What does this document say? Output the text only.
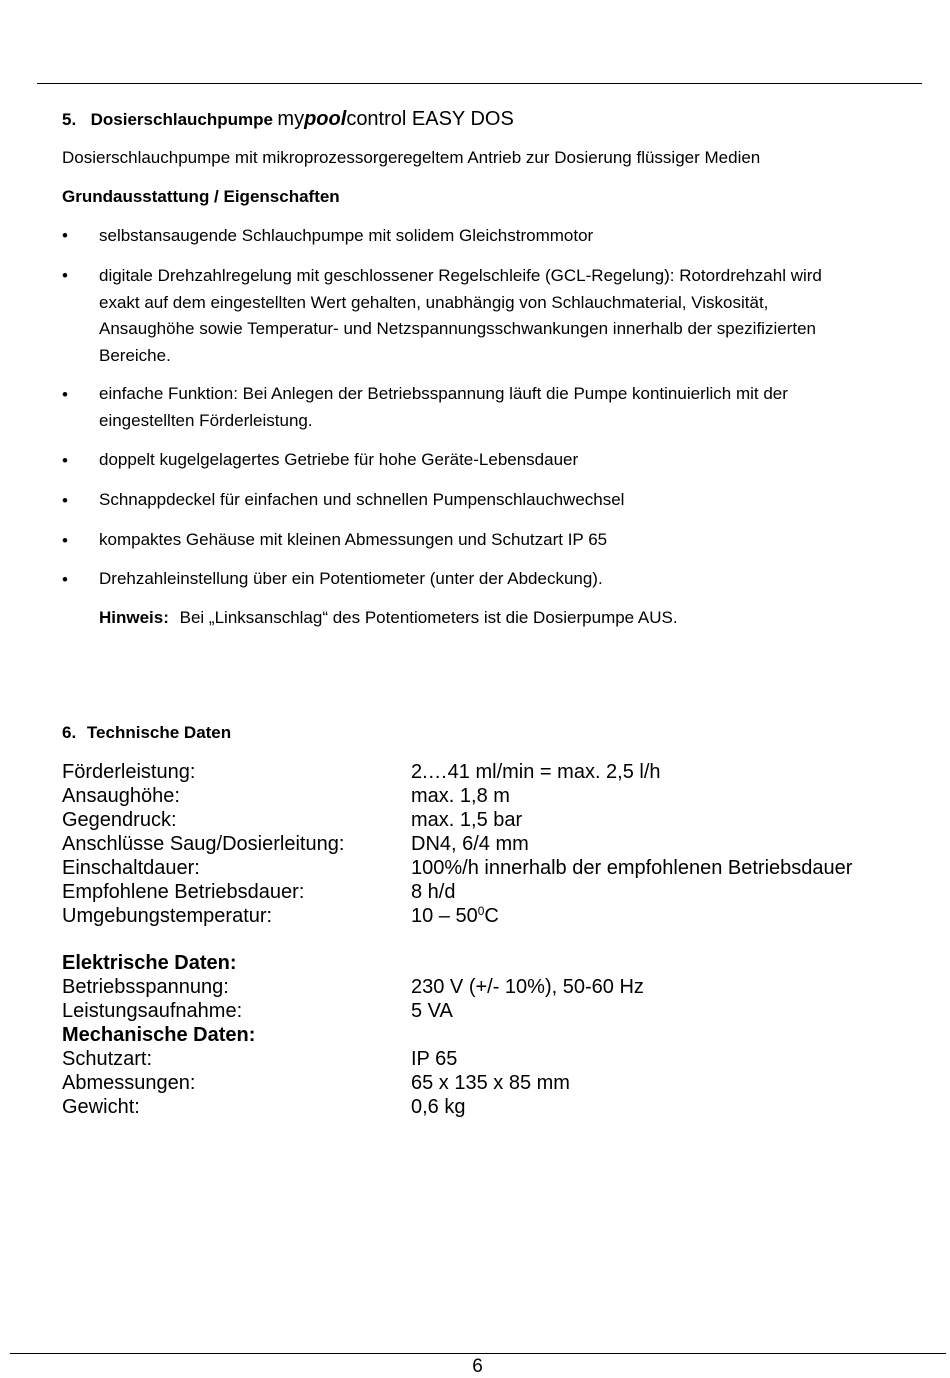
5. Dosierschlauchpumpe mypoolcontrol EASY DOS
Dosierschlauchpumpe mit mikroprozessorgeregeltem Antrieb zur Dosierung flüssiger Medien
Grundausstattung / Eigenschaften
• selbstansaugende Schlauchpumpe mit solidem Gleichstrommotor
• digitale Drehzahlregelung mit geschlossener Regelschleife (GCL-Regelung): Rotordrehzahl wird
exakt auf dem eingestellten Wert gehalten, unabhängig von Schlauchmaterial, Viskosität,
Ansaughöhe sowie Temperatur- und Netzspannungsschwankungen innerhalb der spezifizierten
Bereiche.
• einfache Funktion: Bei Anlegen der Betriebsspannung läuft die Pumpe kontinuierlich mit der
eingestellten Förderleistung.
• doppelt kugelgelagertes Getriebe für hohe Geräte-Lebensdauer
• Schnappdeckel für einfachen und schnellen Pumpenschlauchwechsel
• kompaktes Gehäuse mit kleinen Abmessungen und Schutzart IP 65
• Drehzahleinstellung über ein Potentiometer (unter der Abdeckung).
Hinweis: Bei „Linksanschlag“ des Potentiometers ist die Dosierpumpe AUS.
6. Technische Daten
Förderleistung:	2.…41 ml/min = max. 2,5 l/h
Ansaughöhe:	max. 1,8 m
Gegendruck:	max. 1,5 bar
Anschlüsse Saug/Dosierleitung:	DN4, 6/4 mm
Einschaltdauer:	100%/h innerhalb der empfohlenen Betriebsdauer
Empfohlene Betriebsdauer:	8 h/d
Umgebungstemperatur:	$10 - 50^0C$
Elektrische Daten:
Betriebsspannung:	230 V (+/- 10%), 50-60 Hz
Leistungsaufnahme:	5 VA
Mechanische Daten:
Schutzart:	IP 65
Abmessungen:	65 x 135 x 85 mm
Gewicht:	0,6 kg
6
